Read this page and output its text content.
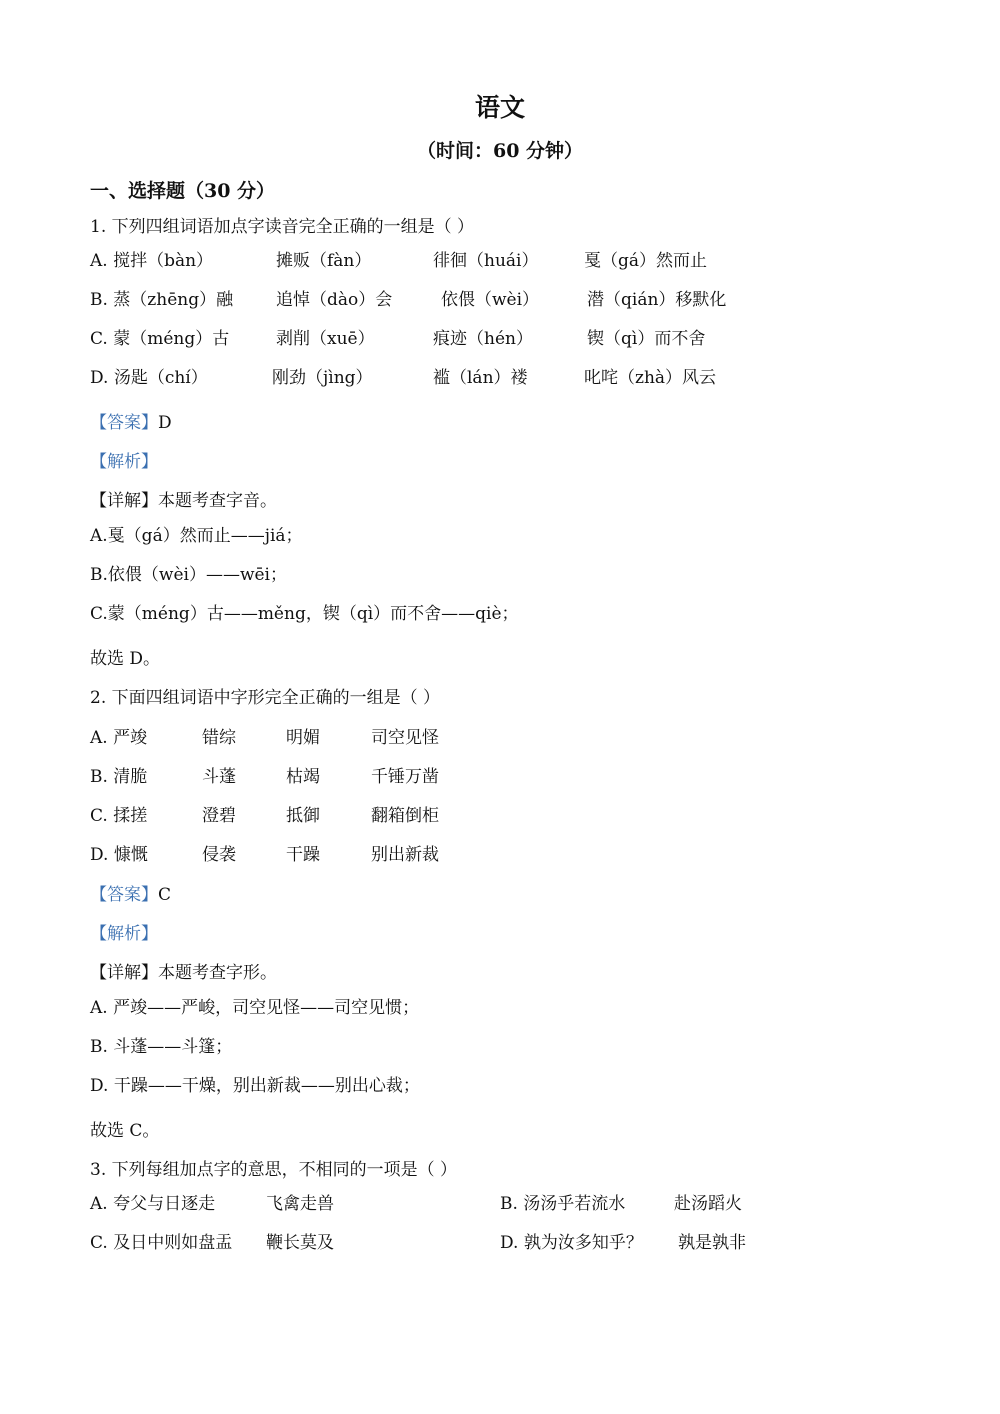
语文
（时间：60 分钟）
一、选择题（30 分）
1. 下列四组词语加点字读音完全正确的一组是（ ）
A. 搅拌（bàn）	摊贩（fàn）	徘徊（huái）	戛（gá）然而止
B. 蒸（zhēng）融	追悼（dào）会	依偎（wèi）	潜（qián）移默化
C. 蒙（méng）古	剥削（xuē）	痕迹（hén）	锲（qì）而不舍
D. 汤匙（chí）	刚劲（jìng）	褴（lán）褛	叱咤（zhà）风云
【答案】D
【解析】
【详解】本题考查字音。
A.戛（gá）然而止——jiá；
B.依偎（wèi）——wēi；
C.蒙（méng）古——měng，锲（qì）而不舍——qiè；
故选 D。
2. 下面四组词语中字形完全正确的一组是（ ）
A. 严竣	错综	明媚	司空见怪
B. 清脆	斗蓬	枯竭	千锤万凿
C. 揉搓	澄碧	抵御	翻箱倒柜
D. 慷慨	侵袭	干躁	别出新裁
【答案】C
【解析】
【详解】本题考查字形。
A. 严竣——严峻，司空见怪——司空见惯；
B. 斗蓬——斗篷；
D. 干躁——干燥，别出新裁——别出心裁；
故选 C。
3. 下列每组加点字的意思，不相同的一项是（ ）
A. 夸父与日逐走	飞禽走兽	B. 汤汤乎若流水	赴汤蹈火
C. 及日中则如盘盂 鞭长莫及	D. 孰为汝多知乎？ 孰是孰非
